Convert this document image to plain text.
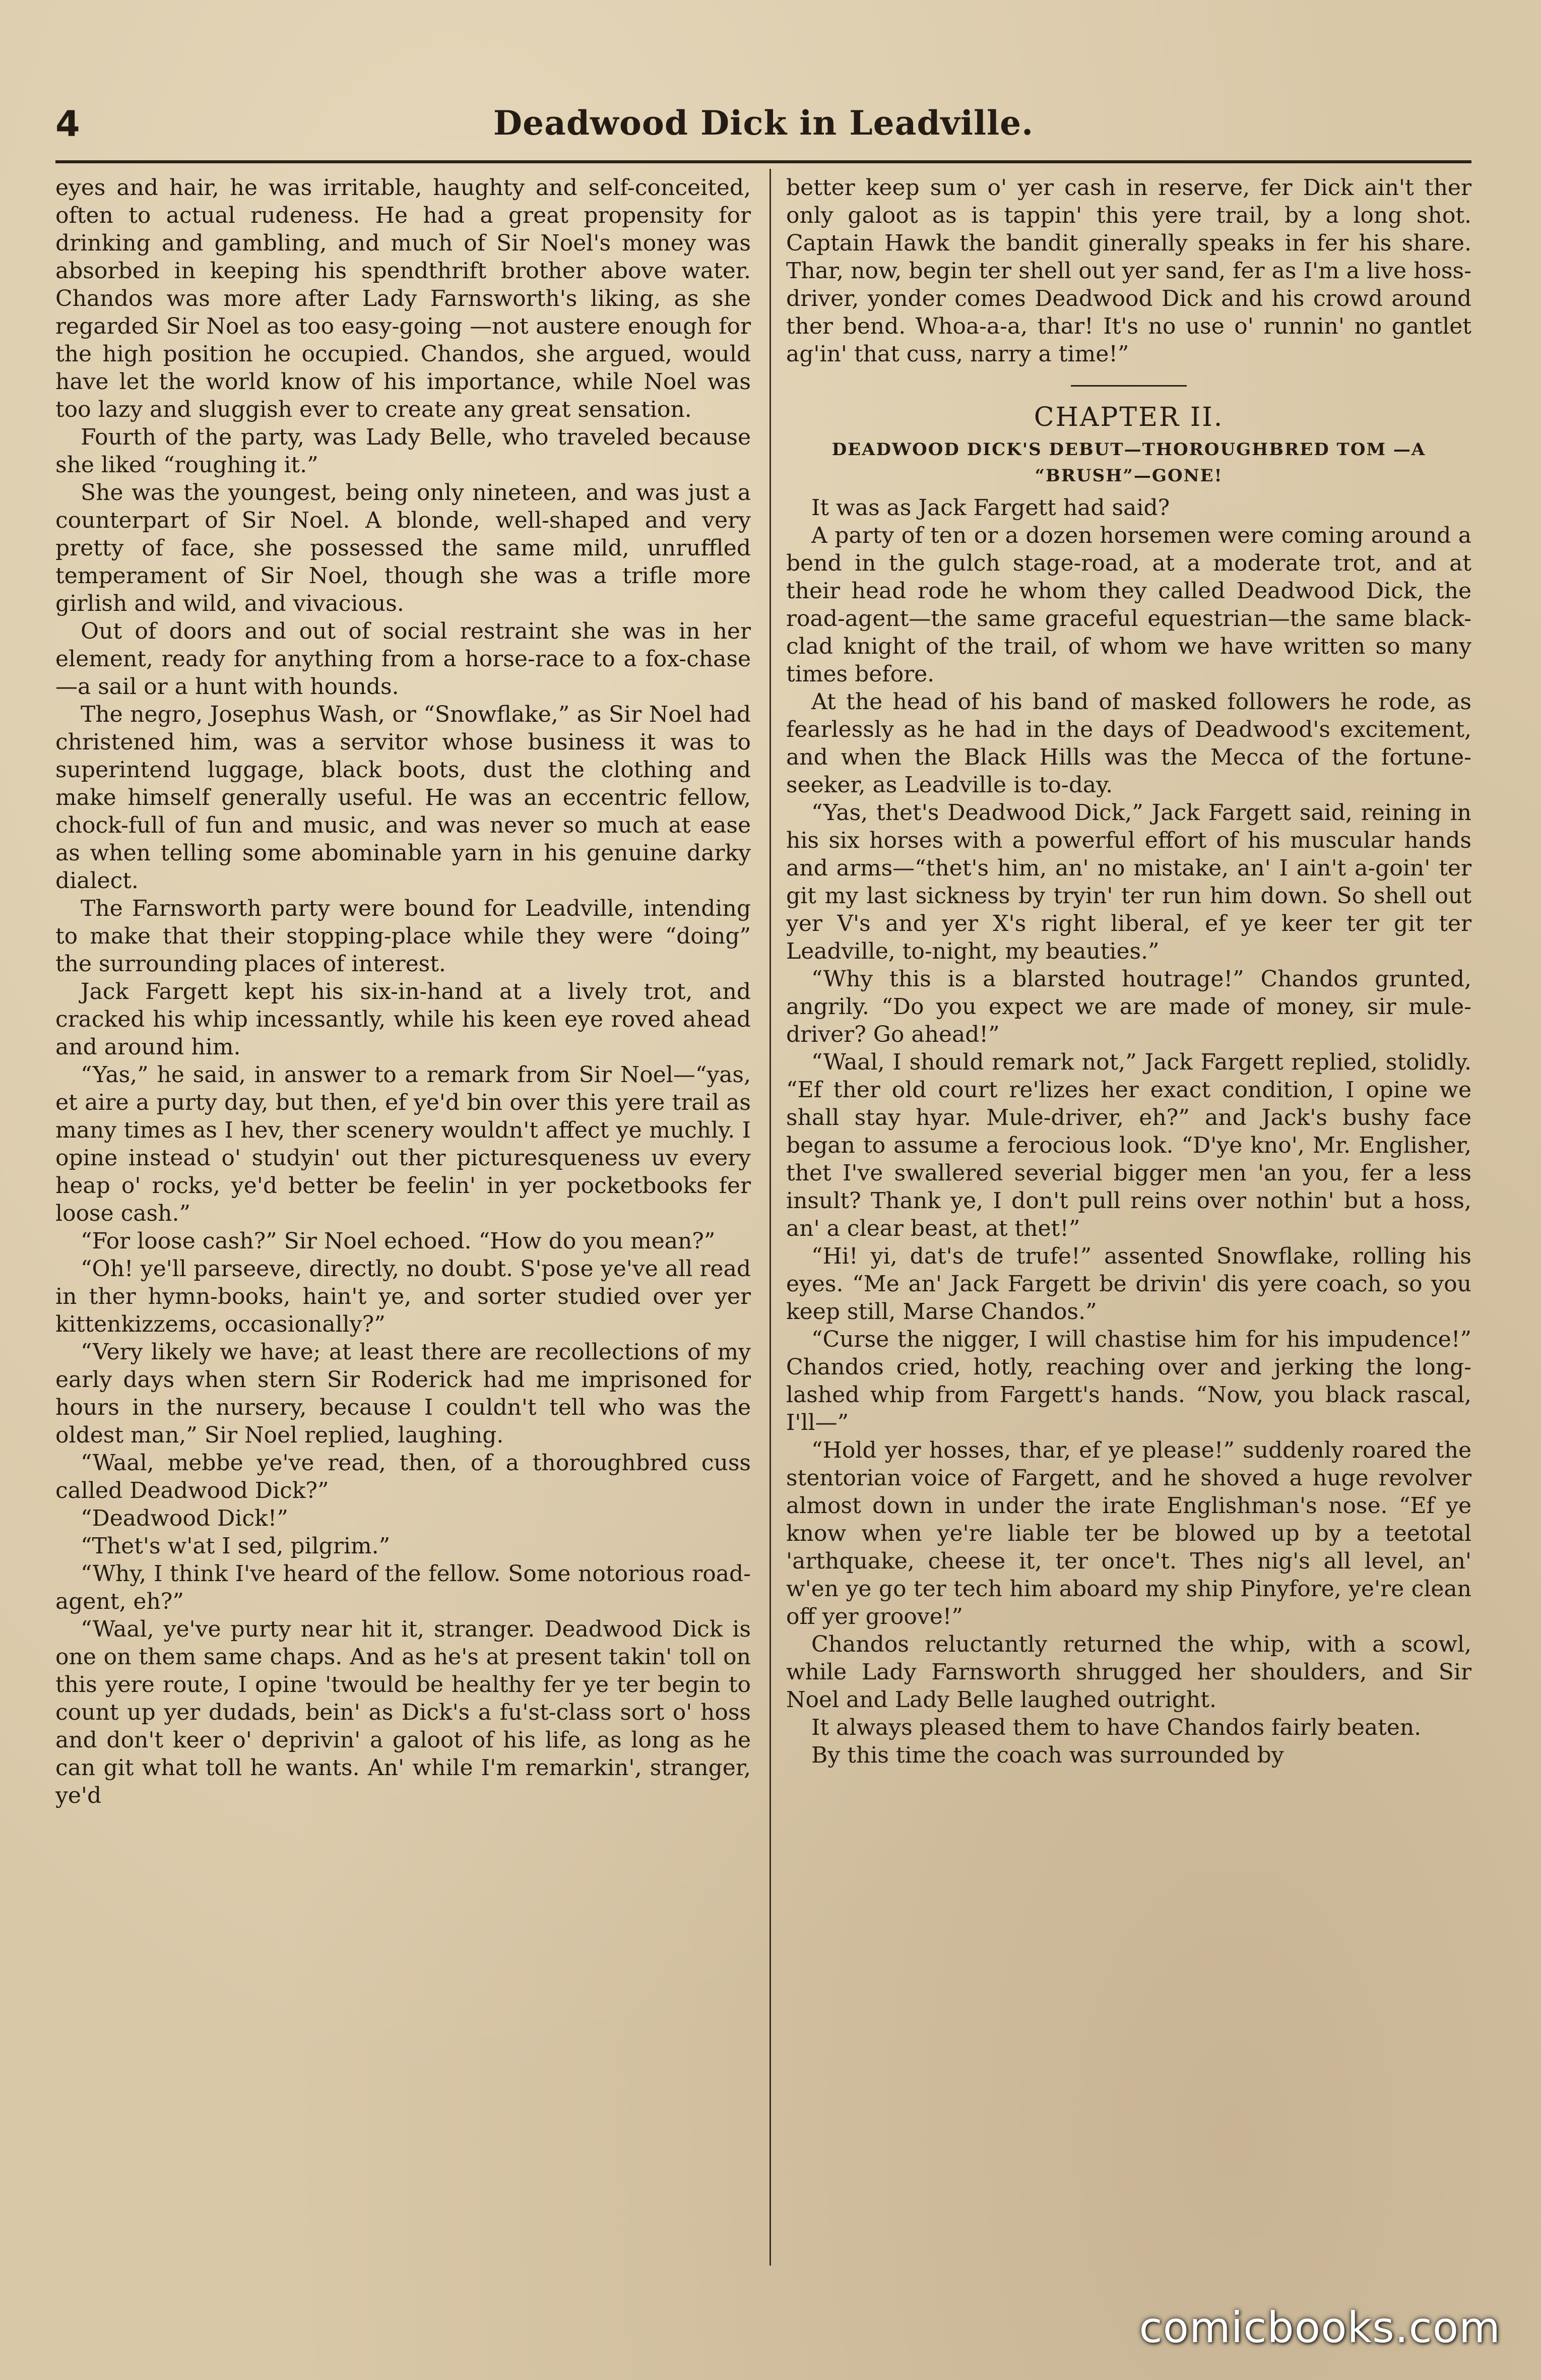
4	Deadwood Dick in Leadville.

eyes and hair, he was irritable, haughty and self-conceited, often to actual rudeness. He had a great propensity for drinking and gambling, and much of Sir Noel's money was absorbed in keeping his spendthrift brother above water. Chandos was more after Lady Farnsworth's liking, as she regarded Sir Noel as too easy-going —not austere enough for the high position he occupied. Chandos, she argued, would have let the world know of his importance, while Noel was too lazy and sluggish ever to create any great sensation.

Fourth of the party, was Lady Belle, who traveled because she liked “roughing it.”

She was the youngest, being only nineteen, and was just a counterpart of Sir Noel. A blonde, well-shaped and very pretty of face, she possessed the same mild, unruffled temperament of Sir Noel, though she was a trifle more girlish and wild, and vivacious.

Out of doors and out of social restraint she was in her element, ready for anything from a horse-race to a fox-chase—a sail or a hunt with hounds.

The negro, Josephus Wash, or “Snowflake,” as Sir Noel had christened him, was a servitor whose business it was to superintend luggage, black boots, dust the clothing and make himself generally useful. He was an eccentric fellow, chock-full of fun and music, and was never so much at ease as when telling some abominable yarn in his genuine darky dialect.

The Farnsworth party were bound for Leadville, intending to make that their stopping-place while they were “doing” the surrounding places of interest.

Jack Fargett kept his six-in-hand at a lively trot, and cracked his whip incessantly, while his keen eye roved ahead and around him.

“Yas,” he said, in answer to a remark from Sir Noel—“yas, et aire a purty day, but then, ef ye'd bin over this yere trail as many times as I hev, ther scenery wouldn't affect ye muchly. I opine instead o' studyin' out ther picturesqueness uv every heap o' rocks, ye'd better be feelin' in yer pocketbooks fer loose cash.”

“For loose cash?” Sir Noel echoed. “How do you mean?”

“Oh! ye'll parseeve, directly, no doubt. S'pose ye've all read in ther hymn-books, hain't ye, and sorter studied over yer kittenkizzems, occasionally?”

“Very likely we have; at least there are recollections of my early days when stern Sir Roderick had me imprisoned for hours in the nursery, because I couldn't tell who was the oldest man,” Sir Noel replied, laughing.

“Waal, mebbe ye've read, then, of a thoroughbred cuss called Deadwood Dick?”

“Deadwood Dick!”

“Thet's w'at I sed, pilgrim.”

“Why, I think I've heard of the fellow. Some notorious road-agent, eh?”

“Waal, ye've purty near hit it, stranger. Deadwood Dick is one on them same chaps. And as he's at present takin' toll on this yere route, I opine 'twould be healthy fer ye ter begin to count up yer dudads, bein' as Dick's a fu'st-class sort o' hoss and don't keer o' deprivin' a galoot of his life, as long as he can git what toll he wants. An' while I'm remarkin', stranger, ye'd

better keep sum o' yer cash in reserve, fer Dick ain't ther only galoot as is tappin' this yere trail, by a long shot. Captain Hawk the bandit ginerally speaks in fer his share. Thar, now, begin ter shell out yer sand, fer as I'm a live hoss-driver, yonder comes Deadwood Dick and his crowd around ther bend. Whoa-a-a, thar! It's no use o' runnin' no gantlet ag'in' that cuss, narry a time!”

CHAPTER II.
DEADWOOD DICK'S DEBUT—THOROUGHBRED TOM —A “BRUSH”—GONE!

It was as Jack Fargett had said?

A party of ten or a dozen horsemen were coming around a bend in the gulch stage-road, at a moderate trot, and at their head rode he whom they called Deadwood Dick, the road-agent—the same graceful equestrian—the same black-clad knight of the trail, of whom we have written so many times before.

At the head of his band of masked followers he rode, as fearlessly as he had in the days of Deadwood's excitement, and when the Black Hills was the Mecca of the fortune-seeker, as Leadville is to-day.

“Yas, thet's Deadwood Dick,” Jack Fargett said, reining in his six horses with a powerful effort of his muscular hands and arms—“thet's him, an' no mistake, an' I ain't a-goin' ter git my last sickness by tryin' ter run him down. So shell out yer V's and yer X's right liberal, ef ye keer ter git ter Leadville, to-night, my beauties.”

“Why this is a blarsted houtrage!” Chandos grunted, angrily. “Do you expect we are made of money, sir mule-driver? Go ahead!”

“Waal, I should remark not,” Jack Fargett replied, stolidly. “Ef ther old court re'lizes her exact condition, I opine we shall stay hyar. Mule-driver, eh?” and Jack's bushy face began to assume a ferocious look. “D'ye kno', Mr. Englisher, thet I've swallered severial bigger men 'an you, fer a less insult? Thank ye, I don't pull reins over nothin' but a hoss, an' a clear beast, at thet!”

“Hi! yi, dat's de trufe!” assented Snowflake, rolling his eyes. “Me an' Jack Fargett be drivin' dis yere coach, so you keep still, Marse Chandos.”

“Curse the nigger, I will chastise him for his impudence!” Chandos cried, hotly, reaching over and jerking the long-lashed whip from Fargett's hands. “Now, you black rascal, I'll—”

“Hold yer hosses, thar, ef ye please!” suddenly roared the stentorian voice of Fargett, and he shoved a huge revolver almost down in under the irate Englishman's nose. “Ef ye know when ye're liable ter be blowed up by a teetotal 'arthquake, cheese it, ter once't. Thes nig's all level, an' w'en ye go ter tech him aboard my ship Pinyfore, ye're clean off yer groove!”

Chandos reluctantly returned the whip, with a scowl, while Lady Farnsworth shrugged her shoulders, and Sir Noel and Lady Belle laughed outright.

It always pleased them to have Chandos fairly beaten.

By this time the coach was surrounded by

comicbooks.com
